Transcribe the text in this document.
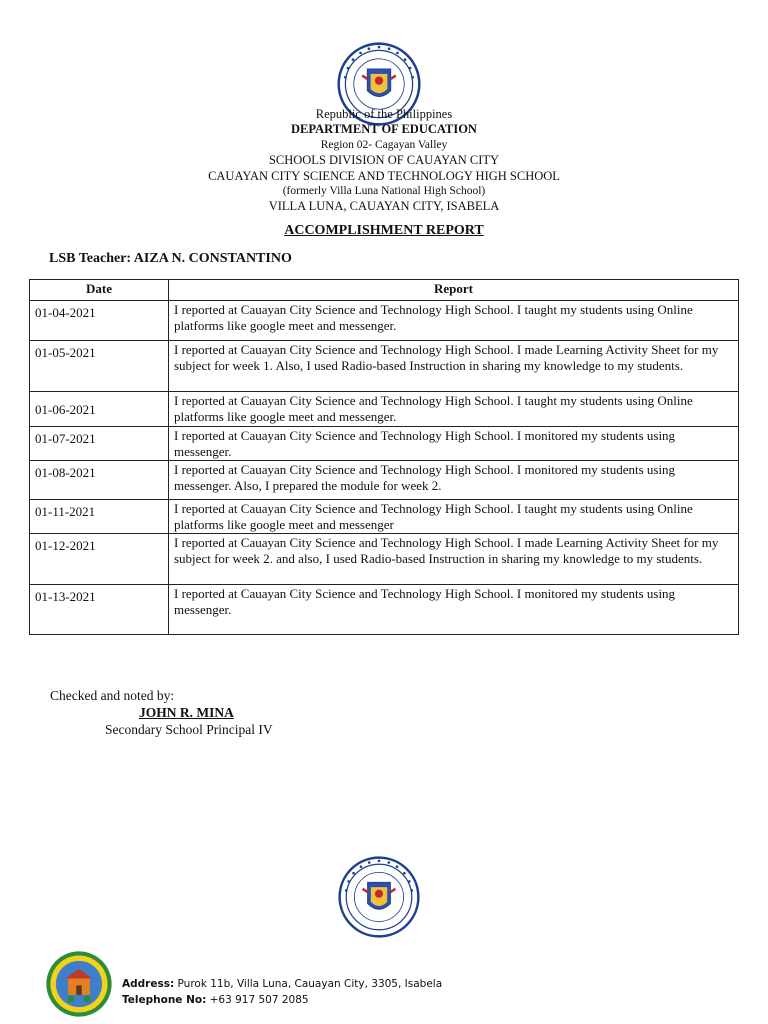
Republic of the Philippines
DEPARTMENT OF EDUCATION
Region 02- Cagayan Valley
SCHOOLS DIVISION OF CAUAYAN CITY
CAUAYAN CITY SCIENCE AND TECHNOLOGY HIGH SCHOOL
(formerly Villa Luna National High School)
VILLA LUNA, CAUAYAN CITY, ISABELA
ACCOMPLISHMENT REPORT
LSB Teacher: AIZA N. CONSTANTINO
Date	Report
01-04-2021	I reported at Cauayan City Science and Technology High School. I taught my students using Online platforms like google meet and messenger.
01-05-2021	I reported at Cauayan City Science and Technology High School. I made Learning Activity Sheet for my subject for week 1. Also, I used Radio-based Instruction in sharing my knowledge to my students.
01-06-2021	I reported at Cauayan City Science and Technology High School. I taught my students using Online platforms like google meet and messenger.
01-07-2021	I reported at Cauayan City Science and Technology High School. I monitored my students using messenger.
01-08-2021	I reported at Cauayan City Science and Technology High School. I monitored my students using messenger. Also, I prepared the module for week 2.
01-11-2021	I reported at Cauayan City Science and Technology High School. I taught my students using Online platforms like google meet and messenger
01-12-2021	I reported at Cauayan City Science and Technology High School. I made Learning Activity Sheet for my subject for week 2. and also, I used Radio-based Instruction in sharing my knowledge to my students.
01-13-2021	I reported at Cauayan City Science and Technology High School. I monitored my students using messenger.
Checked and noted by:
JOHN R. MINA
Secondary School Principal IV
Address: Purok 11b, Villa Luna, Cauayan City, 3305, Isabela
Telephone No: +63 917 507 2085
